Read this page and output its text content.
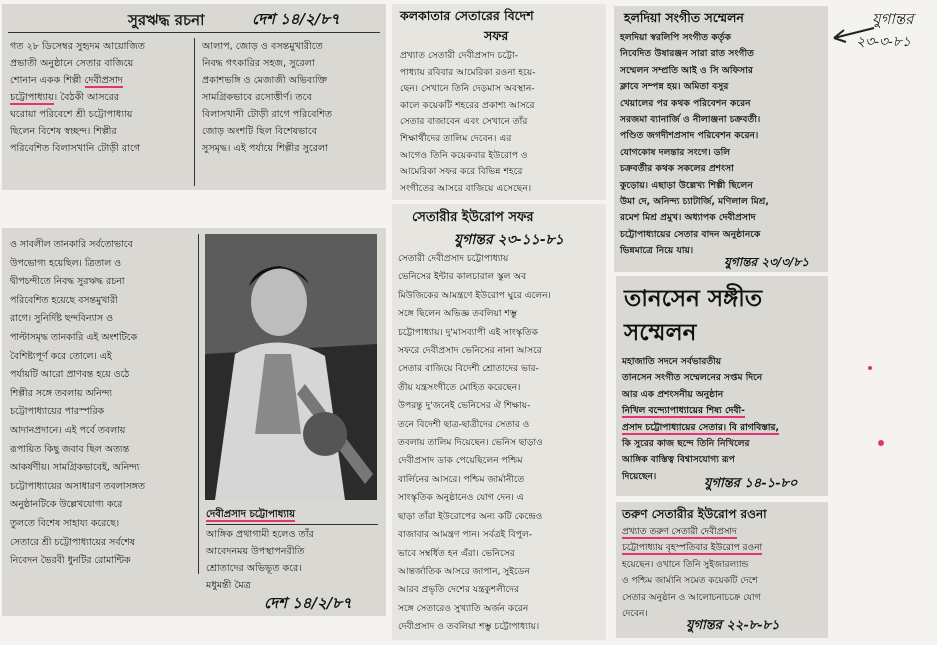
সুরঋদ্ধ রচনা	দেশ ১৪/২/৮৭

গত ২৮ ডিসেম্বর সুহৃদম আয়োজিত

প্রভাতী অনুষ্ঠানে সেতার বাজিয়ে

শোনান একক শিল্পী দেবীপ্রসাদ

চট্টোপাধ্যায়। বৈঠকী আসরের

ঘরোয়া পরিবেশে শ্রী চট্টোপাধ্যায়

ছিলেন বিশেষ স্বচ্ছন্দ। শিল্পীর

পরিবেশিত বিলাসখানি টোড়ী রাগে

আলাপ, জোড় ও বসন্তমুখারীতে

নিবদ্ধ গৎকারির সহজ, সুরেলা

প্রকাশভঙ্গি ও মেজাজী অভিব্যক্তি

সামগ্রিকভাবে রসোত্তীর্ণ। তবে

বিলাসখানী টোড়ী রাগে পরিবেশিত

জোড় অংশটি ছিল বিশেষভাবে

সুসমৃদ্ধ। এই পর্যায়ে শিল্পীর সুরেলা

ও সাবলীল তানকারি সর্বতোভাবে

উপভোগ্য হয়েছিল। ত্রিতাল ও

দ্বীপচন্দীতে নিবদ্ধ সুরঋদ্ধ রচনা

পরিবেশিত হয়েছে বসন্তমুখারী

রাগে। সুনির্দিষ্ট ছন্দবিন্যাস ও

পাল্টাসমৃদ্ধ তানকারি এই অংশটিকে

বৈশিষ্ট্যপূর্ণ করে তোলে। এই

পর্যায়টি আরো প্রাণবন্ত হয়ে ওঠে

শিল্পীর সঙ্গে তবলায় অনিন্দ্য

চট্টোপাধ্যায়ের পারস্পরিক

আদানপ্রদানে। এই পর্বে তবলায়

রূপায়িত কিছু জবাব ছিল অত্যন্ত

আকর্ষণীয়। সামগ্রিকভাবেই, অনিন্দ্য

চট্টোপাধ্যায়ের অসাধারণ তবলাসঙ্গত

অনুষ্ঠানটিকে উল্লেখযোগ্য করে

তুলতে বিশেষ সাহায্য করেছে।

সেতারে শ্রী চট্টোপাধ্যায়ের সর্বশেষ

নিবেদন ভৈরবী ধুনটির রোমান্টিক

দেবীপ্রসাদ চট্টোপাধ্যায়

আঙ্গিক প্রথাগামী হলেও তাঁর

আবেদনময় উপস্থাপনরীতি

শ্রোতাদের অভিভূত করে।

মধুমন্তী মৈত্র

দেশ ১৪/২/৮৭
কলকাতার সেতারের বিদেশ
সফর

প্রখ্যাত সেতারী দেবীপ্রসাদ চট্টো-

পাধ্যায় রবিবার আমেরিকা রওনা হয়ে-

ছেন। সেখানে তিনি দেড়মাস অবস্থান-

কালে কয়েকটি শহরের প্রকাশ্য আসরে

সেতার বাজাবেন এবং সেখানে তাঁর

শিক্ষার্থীদের তালিম দেবেন। এর

আগেও তিনি কয়েকবার ইউরোপ ও

আমেরিকা সফর করে বিভিন্ন শহরে

সংগীতের আসরে বাজিয়ে এসেছেন।

সেতারীর ইউরোপ সফর
যুগান্তর ২৩-১১-৮১

সেতারী দেবীপ্রসাদ চট্টোপাধ্যায়

ভেনিসের ইন্টার কালচারাল স্কুল অব

মিউজিকের আমন্ত্রণে ইউরোপ ঘুরে এলেন।

সঙ্গে ছিলেন অভিজ্ঞ তবলিয়া শম্ভু

চট্টোপাধ্যায়। দু'মাসব্যাপী এই সাংস্কৃতিক

সফরে দেবীপ্রসাদ ভেনিসের নানা আসরে

সেতার বাজিয়ে বিদেশী শ্রোতাদের ভার-

তীয় যন্ত্রসংগীতে মোহিত করেছেন।

উপরন্তু দু'জনেই ভেনিসের ঐ শিক্ষায়-

তনে বিদেশী ছাত্র-ছাত্রীদের সেতার ও

তবলায় তালিম দিয়েছেন। ভেনিস ছাড়াও

দেবীপ্রসাদ ডাক পেয়েছিলেন পশ্চিম

বার্লিনের আসরে। পশ্চিম জার্মানীতে

সাংস্কৃতিক অনুষ্ঠানেও যোগ দেন। এ

ছাড়া তাঁরা ইউরোপের অন্য কটি কেন্দ্রেও

বাজাবার আমন্ত্রণ পান। সর্বত্রই বিপুল-

ভাবে সম্বর্ধিত হন এঁরা। ভেনিসের

আন্তর্জাতিক আসরে জাপান, সুইডেন

আরব প্রভৃতি দেশের যন্ত্রকুশলীদের

সঙ্গে সেতারেও সুখ্যাতি অর্জন করেন

দেবীপ্রসাদ ও তবলিয়া শম্ভু চট্টোপাধ্যায়।

হলদিয়া সংগীত সম্মেলন

হলদিয়া স্বরলিপি সংগীত কর্তৃক

নিবেদিত উষারঞ্জন সারা রাত সংগীত

সম্মেলন সম্প্রতি আই ও সি অফিসার

ক্লাবে সম্পন্ন হয়। অমিতা বসুর

খেয়ালের পর কথক পরিবেশন করেন

সরজমা ব্যানার্জি ও নীলাঞ্জনা চক্রবর্তী।

পণ্ডিত জগদীশপ্রসাদ পরিবেশন করেন।

যোগকোষ দলন্তার সংগে। ডলি

চক্রবর্তীর কথক সকলের প্রশংসা

কুড়োয়। এছাড়া উল্লেখ্য শিল্পী ছিলেন

উমা দে, অনিন্দ্য চ্যাটার্জি, মণিলাল মিশ্র,

রমেশ মিশ্র প্রমুখ। অধ্যাপক দেবীপ্রসাদ

চট্টোপাধ্যায়ের সেতার বাদন অনুষ্ঠানকে

ভিন্নমাত্রে নিয়ে যায়।

যুগান্তর ২৩/৩/৮১
যুগান্তর
২৩-৩-৮১
তানসেন সঙ্গীত
সম্মেলন

মহাজাতি সদনে সর্বভারতীয়

তানসেন সংগীত সম্মেলনের সপ্তম দিনে

আর এক প্রশংসনীয় অনুষ্ঠান

নিখিল বন্দ্যোপাধ্যায়ের শিষ্য দেবী-

প্রসাদ চট্টোপাধ্যায়ের সেতার। বি রাগবিস্তার,

কি সুরের কাজ ছন্দে তিনি নিখিলের

আঙ্গিক বাস্তিত্ব বিশ্বাসযোগ্য রূপ

দিয়েছেন।	যুগান্তর ১৪-১-৮০
তরুণ সেতারীর ইউরোপ রওনা

প্রখ্যাত তরুণ সেতারী দেবীপ্রসাদ

চট্টোপাধ্যায় বৃহস্পতিবার ইউরোপ রওনা

হয়েছেন। ওখানে তিনি সুইজারল্যান্ড

ও পশ্চিম জার্মানি সমেত কয়েকটি দেশে

সেতার অনুষ্ঠান ও আলোচনাচক্রে যোগ

দেবেন।

যুগান্তর ২২-৮-৮১
